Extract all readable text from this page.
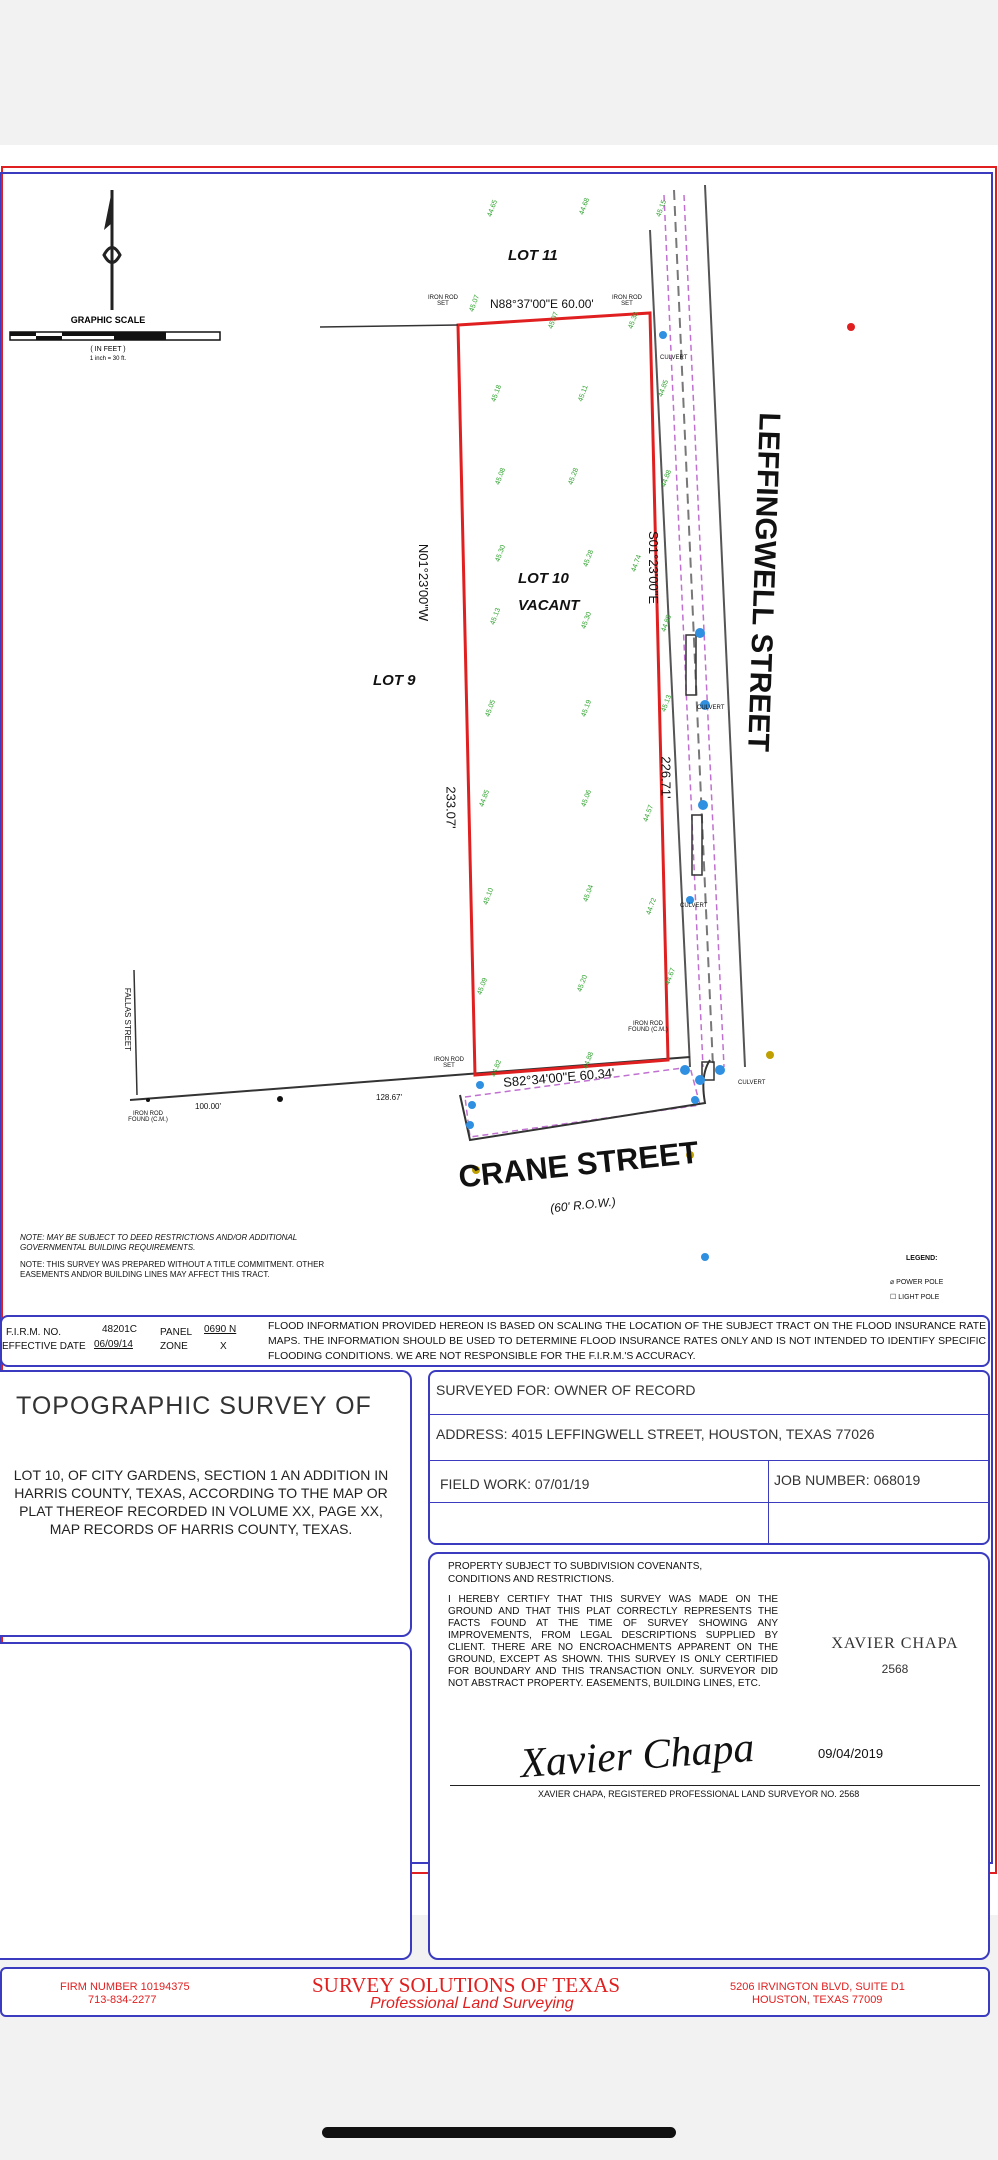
GRAPHIC SCALE
( IN FEET )
1 inch = 30 ft.
LOT 11
LOT 10
VACANT
LOT 9	LEFFINGWELL STREET
CRANE STREET
(60' R.O.W.)
FALLAS STREET
N88°37'00"E 60.00'
N01°23'00"W	S01°23'00"E
233.07'
226.71'
S82°34'00"E 60.34'
100.00'
128.67'
IRON ROD SET
IRON ROD SET
IRON ROD SET
IRON ROD FOUND (C.M.)
IRON ROD FOUND (C.M.)
CULVERT
CULVERT
CULVERT
CULVERT
44.65	44.68	45.15
45.07
45.07	45.38
45.18	45.11	44.85
45.08	45.28	44.88
45.30	45.28	44.74
45.13	45.30	44.85
45.05	45.19	45.13
44.85	45.06
44.57
45.10	45.04
44.72
45.09	45.20	44.67
44.82	44.88
NOTE: MAY BE SUBJECT TO DEED RESTRICTIONS AND/OR ADDITIONAL GOVERNMENTAL BUILDING REQUIREMENTS.
NOTE: THIS SURVEY WAS PREPARED WITHOUT A TITLE COMMITMENT. OTHER EASEMENTS AND/OR BUILDING LINES MAY AFFECT THIS TRACT.
LEGEND:
⌀ POWER POLE
☐ LIGHT POLE
F.I.R.M. NO.	48201C PANEL 0690 N
EFFECTIVE DATE 06/09/14	ZONE	X
FLOOD INFORMATION PROVIDED HEREON IS BASED ON SCALING THE LOCATION OF THE SUBJECT TRACT ON THE FLOOD INSURANCE RATE MAPS. THE INFORMATION SHOULD BE USED TO DETERMINE FLOOD INSURANCE RATES ONLY AND IS NOT INTENDED TO IDENTIFY SPECIFIC FLOODING CONDITIONS. WE ARE NOT RESPONSIBLE FOR THE F.I.R.M.'S ACCURACY.
TOPOGRAPHIC SURVEY OF
LOT 10, OF CITY GARDENS, SECTION 1 AN ADDITION IN HARRIS COUNTY, TEXAS, ACCORDING TO THE MAP OR PLAT THEREOF RECORDED IN VOLUME XX, PAGE XX, MAP RECORDS OF HARRIS COUNTY, TEXAS.
SURVEYED FOR: OWNER OF RECORD
ADDRESS: 4015 LEFFINGWELL STREET, HOUSTON, TEXAS 77026
FIELD WORK: 07/01/19	JOB NUMBER: 068019
PROPERTY SUBJECT TO SUBDIVISION COVENANTS, CONDITIONS AND RESTRICTIONS.
I HEREBY CERTIFY THAT THIS SURVEY WAS MADE ON THE GROUND AND THAT THIS PLAT CORRECTLY REPRESENTS THE FACTS FOUND AT THE TIME OF SURVEY SHOWING ANY IMPROVEMENTS, FROM LEGAL DESCRIPTIONS SUPPLIED BY CLIENT. THERE ARE NO ENCROACHMENTS APPARENT ON THE GROUND, EXCEPT AS SHOWN. THIS SURVEY IS ONLY CERTIFIED FOR BOUNDARY AND THIS TRANSACTION ONLY. SURVEYOR DID NOT ABSTRACT PROPERTY. EASEMENTS, BUILDING LINES, ETC.
XAVIER CHAPA
2568
Xavier Chapa	09/04/2019
XAVIER CHAPA, REGISTERED PROFESSIONAL LAND SURVEYOR NO. 2568
FIRM NUMBER 10194375
713-834-2277
SURVEY SOLUTIONS OF TEXAS
Professional Land Surveying
5206 IRVINGTON BLVD, SUITE D1
HOUSTON, TEXAS 77009
